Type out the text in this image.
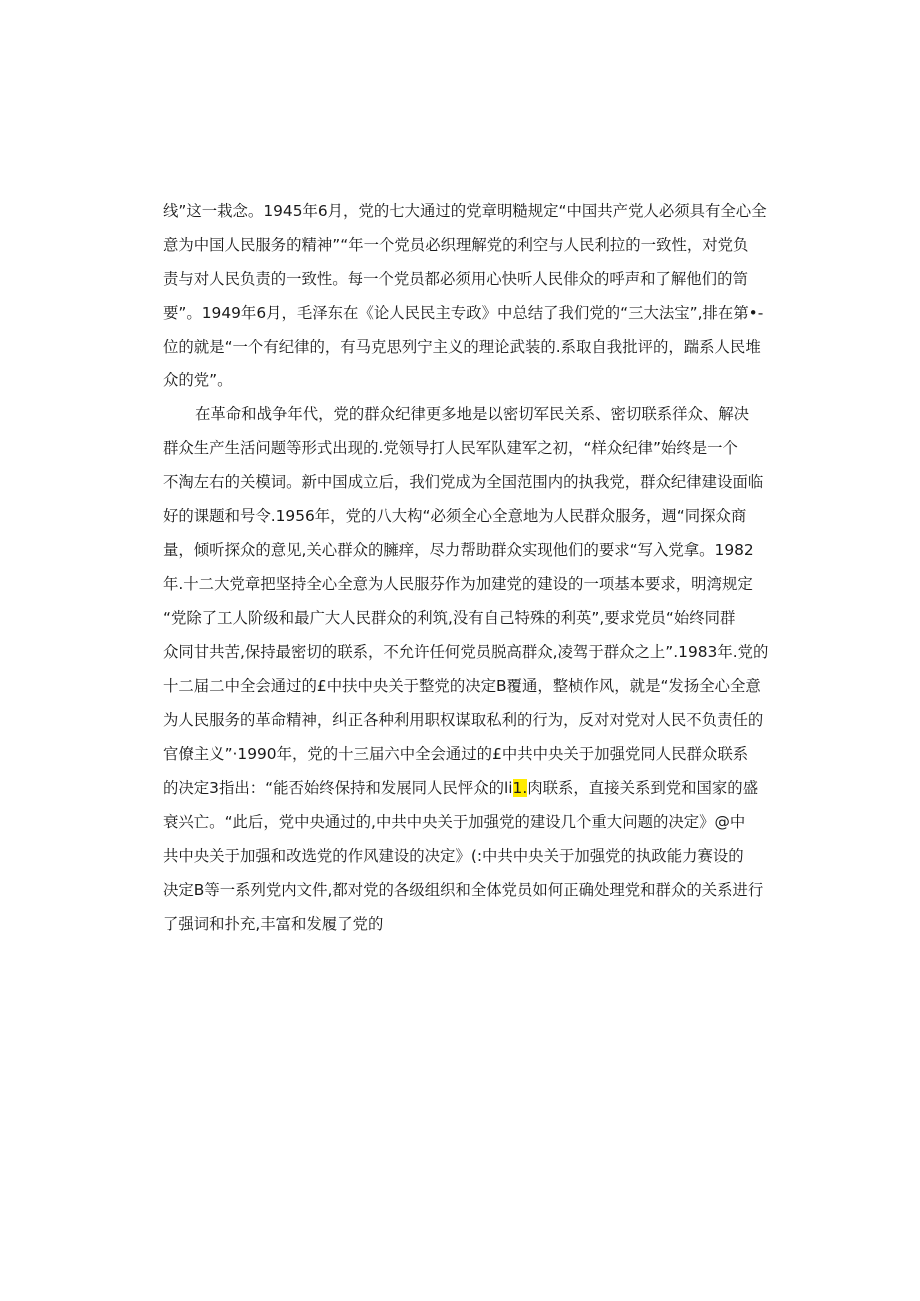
线”这一栽念。1945年6月，党的七大通过的党章明糙规定“中国共产党人必须具有全心全
意为中国人民服务的精神”“年一个党员必织理解党的利空与人民利拉的一致性，对党负
责与对人民负责的一致性。每一个党员都必须用心快听人民俳众的呼声和了解他们的笥
要”。1949年6月，毛泽东在《论人民民主专政》中总结了我们党的“三大法宝”,排在第•-
位的就是“一个有纪律的，有马克思列宁主义的理论武装的.系取自我批评的，踹系人民堆
众的党”。
在革命和战争年代，党的群众纪律更多地是以密切军民关系、密切联系徉众、解决
群众生产生活问题等形式出现的.党领导打人民军队建军之初，“样众纪律”始终是一个
不淘左右的关模词。新中国成立后，我们党成为全国范围内的执我党，群众纪律建设面临
好的课题和号令.1956年，党的八大构“必须全心全意地为人民群众服务，週“同探众商
量，倾听探众的意见,关心群众的臃痒，尽力帮助群众实现他们的要求“写入党拿。1982
年.十二大党章把坚持全心全意为人民服芬作为加建党的建设的一项基本要求，明湾规定
“党除了工人阶级和最广大人民群众的利筑,没有自己特殊的利英”,要求党员“始终同群
众同甘共苦,保持最密切的联系，不允许任何党员脱高群众,凌驾于群众之上”.1983年.党的
十二届二中全会通过的£中扶中央关于整党的决定B覆通，整桢作风，就是“发扬全心全意
为人民服务的革命精神，纠正各种利用职权谋取私利的行为，反对对党对人民不负责任的
官僚主义”·1990年，党的十三届六中全会通过的£中共中央关于加强党同人民群众联系
的决定3指出：“能否始终保持和发展同人民怦众的li1.肉联系，直接关系到党和国家的盛
衰兴亡。“此后，党中央通过的,中共中央关于加强党的建设几个重大问题的决定》@中
共中央关于加强和改选党的作风建设的决定》(:中共中央关于加强党的执政能力赛设的
决定B等一系列党内文件,都对党的各级组织和全体党员如何正确处理党和群众的关系进行
了强词和扑充,丰富和发履了党的
